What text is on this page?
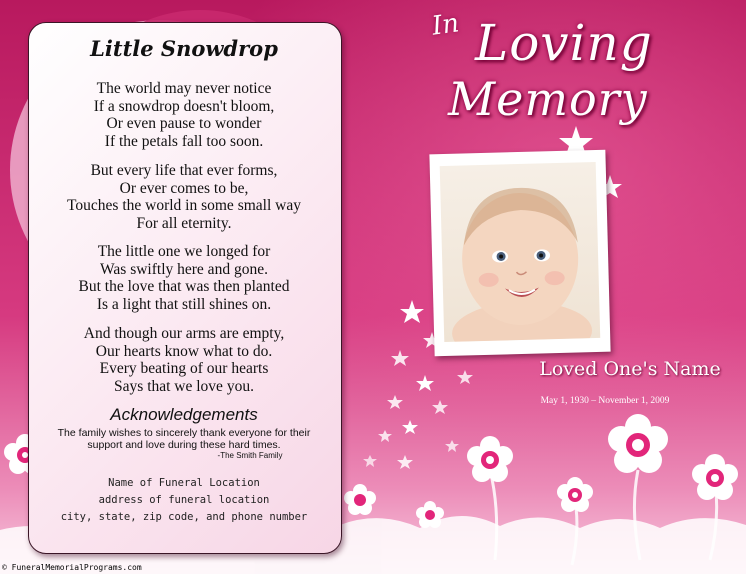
Little Snowdrop
The world may never notice
If a snowdrop doesn't bloom,
Or even pause to wonder
If the petals fall too soon.
But every life that ever forms,
Or ever comes to be,
Touches the world in some small way
For all eternity.
The little one we longed for
Was swiftly here and gone.
But the love that was then planted
Is a light that still shines on.
And though our arms are empty,
Our hearts know what to do.
Every beating of our hearts
Says that we love you.
Acknowledgements
The family wishes to sincerely thank everyone for their
support and love during these hard times.
-The Smith Family
Name of Funeral Location
address of funeral location
city, state, zip code, and phone number
In Loving
Memory
Loved One's Name
May 1, 1930 – November 1, 2009
© FuneralMemorialPrograms.com
